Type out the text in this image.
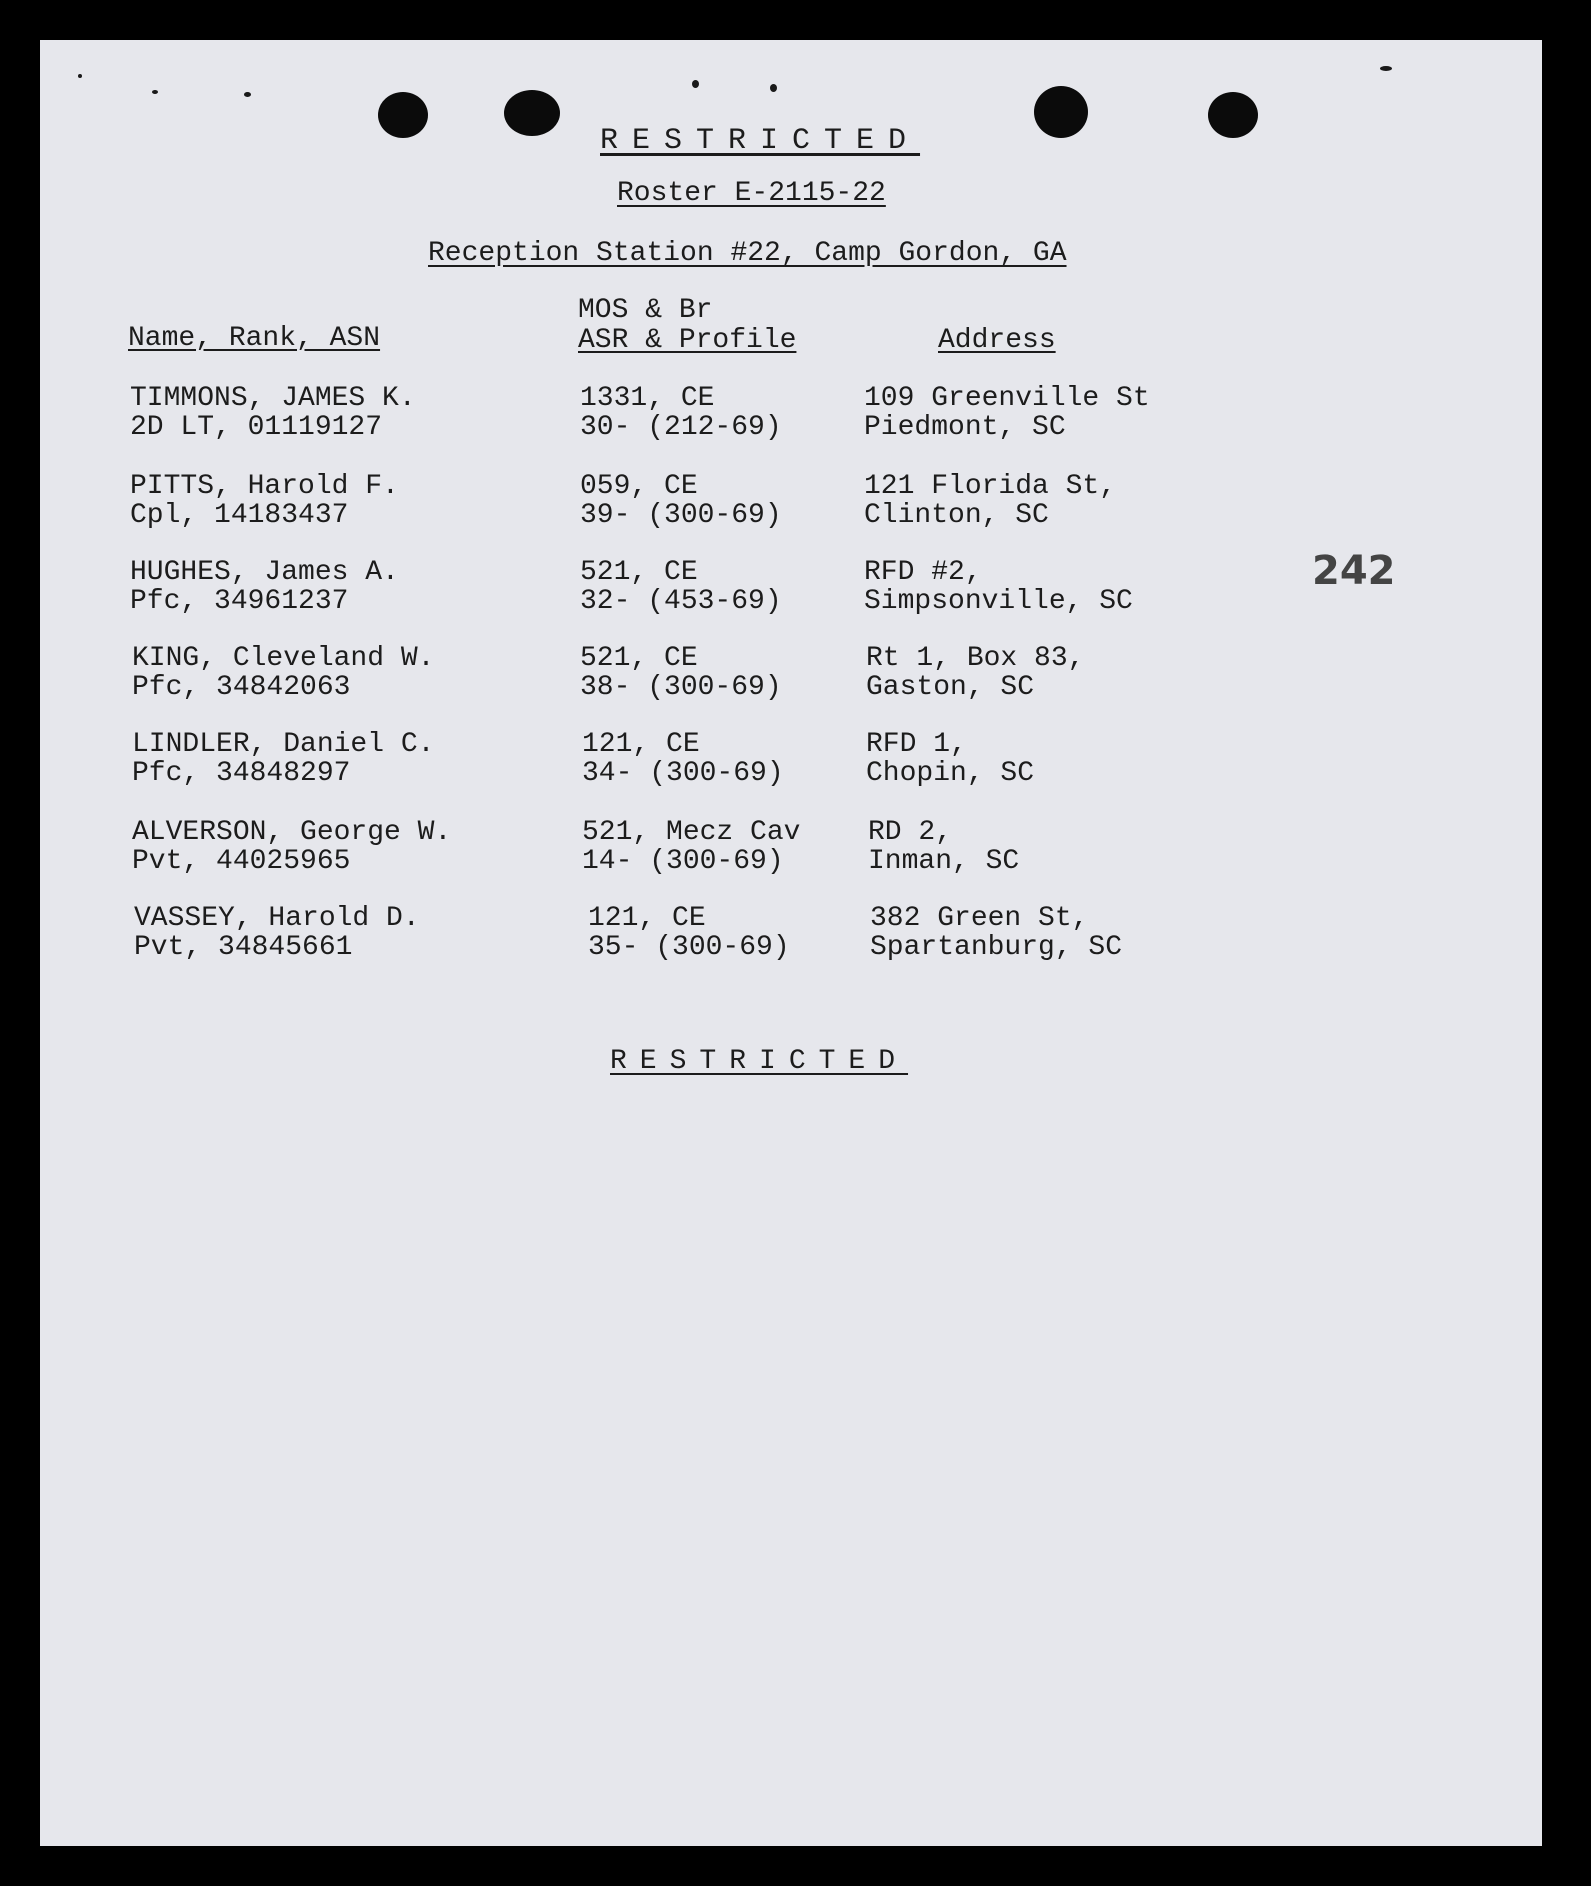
RESTRICTED
Roster E-2115-22
Reception Station #22, Camp Gordon, GA
Name, Rank, ASN
MOS & Br
ASR & Profile	Address
TIMMONS, JAMES K.
2D LT, 01119127
1331, CE
30- (212-69)
109 Greenville St
Piedmont, SC
PITTS, Harold F.
Cpl, 14183437
059, CE
39- (300-69)
121 Florida St,
Clinton, SC
HUGHES, James A.
Pfc, 34961237
521, CE
32- (453-69)
RFD #2,
Simpsonville, SC
KING, Cleveland W.
Pfc, 34842063
521, CE
38- (300-69)
Rt 1, Box 83,
Gaston, SC
LINDLER, Daniel C.
Pfc, 34848297
121, CE
34- (300-69)
RFD 1,
Chopin, SC
ALVERSON, George W.
Pvt, 44025965
521, Mecz Cav
14- (300-69)
RD 2,
Inman, SC
VASSEY, Harold D.
Pvt, 34845661
121, CE
35- (300-69)
382 Green St,
Spartanburg, SC
RESTRICTED
242
